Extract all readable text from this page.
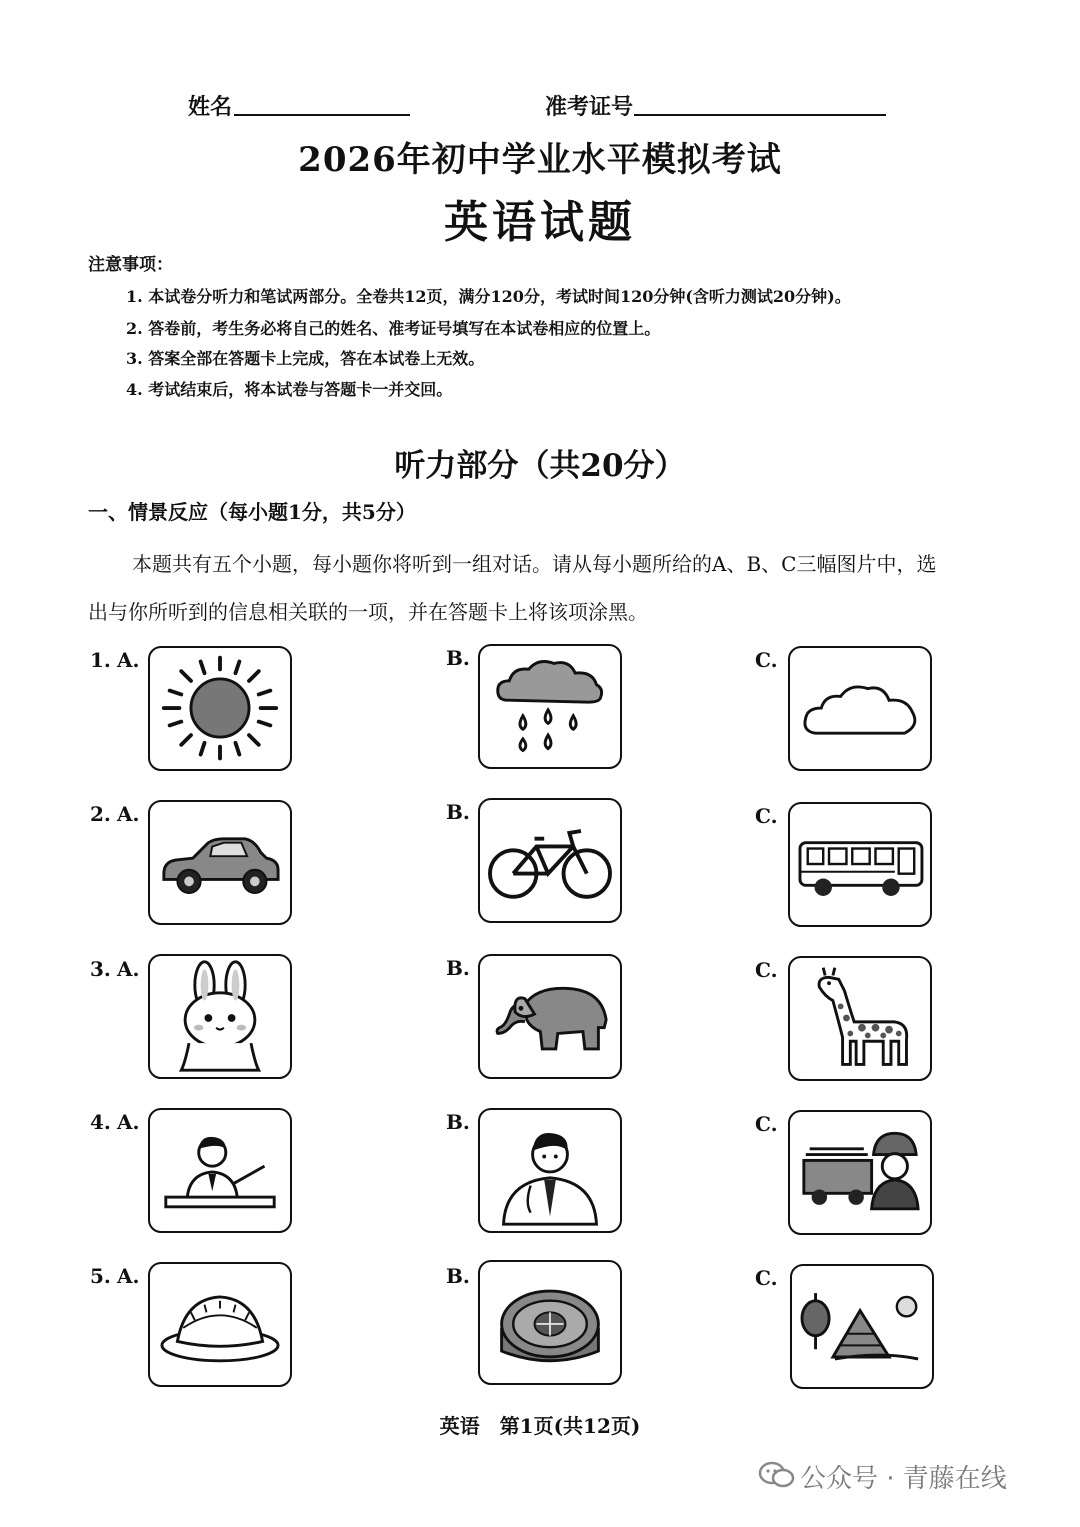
姓名	准考证号
2026年初中学业水平模拟考试
英语试题
注意事项：
1. 本试卷分听力和笔试两部分。全卷共12页，满分120分，考试时间120分钟(含听力测试20分钟)。
2. 答卷前，考生务必将自己的姓名、准考证号填写在本试卷相应的位置上。
3. 答案全部在答题卡上完成，答在本试卷上无效。
4. 考试结束后，将本试卷与答题卡一并交回。
听力部分（共20分）
一、情景反应（每小题1分，共5分）
本题共有五个小题，每小题你将听到一组对话。请从每小题所给的A、B、C三幅图片中，选
出与你所听到的信息相关联的一项，并在答题卡上将该项涂黑。
1. A.	B.	C.
2. A.	B.	C.
3. A.	B.	C.
4. A.	B.	C.
5. A.	B.	C.
英语　第1页(共12页)
公众号 · 青藤在线
